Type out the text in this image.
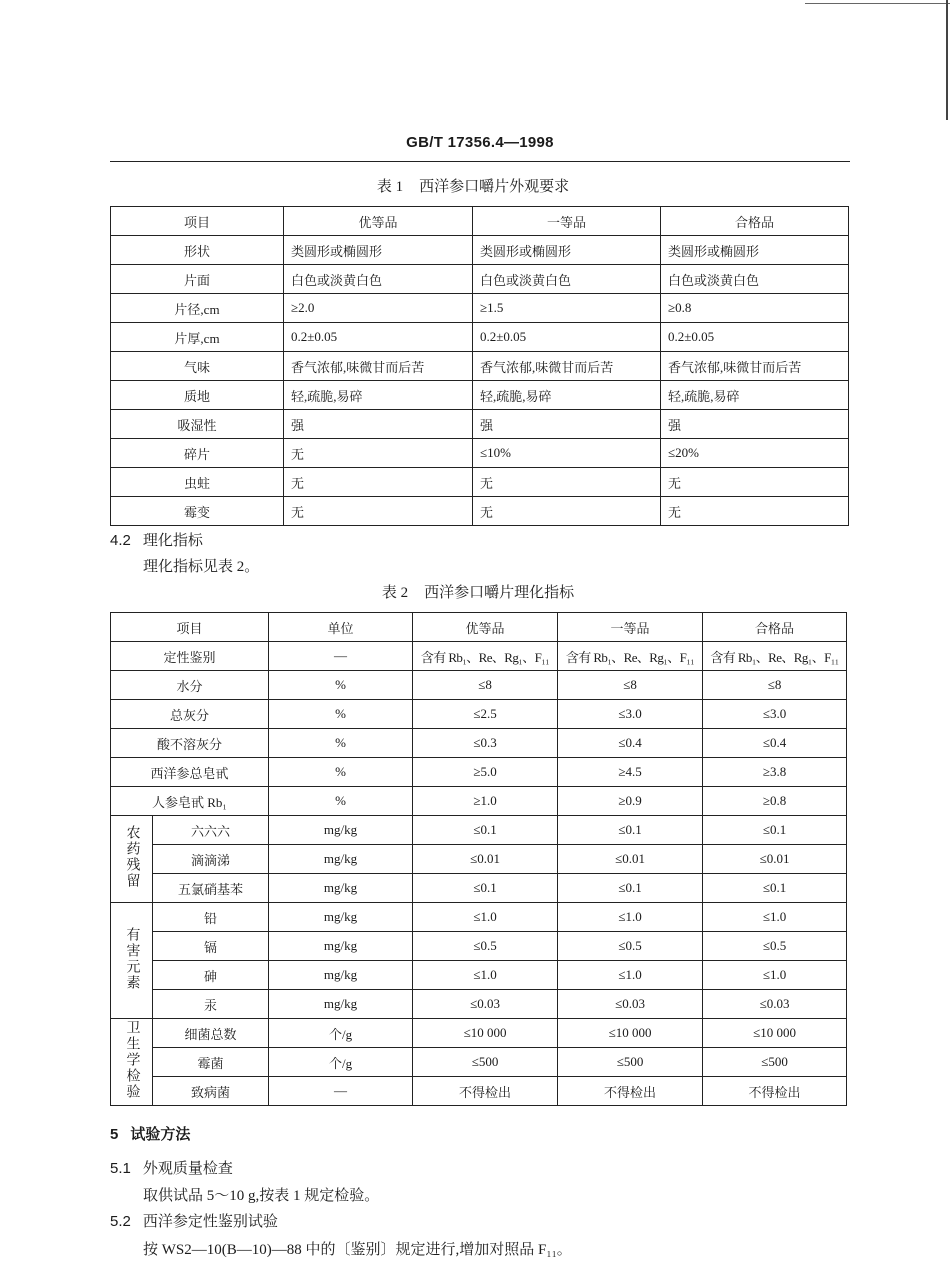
GB/T 17356.4—1998
表 1 西洋参口嚼片外观要求
项目	优等品	一等品	合格品
形状	类圆形或椭圆形	类圆形或椭圆形	类圆形或椭圆形
片面	白色或淡黄白色	白色或淡黄白色	白色或淡黄白色
片径,cm	≥2.0	≥1.5	≥0.8
片厚,cm	0.2±0.05	0.2±0.05	0.2±0.05
气味	香气浓郁,味微甘而后苦	香气浓郁,味微甘而后苦	香气浓郁,味微甘而后苦
质地	轻,疏脆,易碎	轻,疏脆,易碎	轻,疏脆,易碎
吸湿性	强	强	强
碎片	无	≤10%	≤20%
虫蛀	无	无	无
霉变	无	无	无
4.2 理化指标
理化指标见表 2。
表 2 西洋参口嚼片理化指标
项目		单位	优等品	一等品	合格品
定性鉴别		—	含有 Rb₁、Re、Rg₁、F₁₁	含有 Rb₁、Re、Rg₁、F₁₁	含有 Rb₁、Re、Rg₁、F₁₁
水分		%	≤8	≤8	≤8
总灰分		%	≤2.5	≤3.0	≤3.0
酸不溶灰分		%	≤0.3	≤0.4	≤0.4
西洋参总皂甙		%	≥5.0	≥4.5	≥3.8
人参皂甙 Rb₁		%	≥1.0	≥0.9	≥0.8
农药残留	六六六	mg/kg	≤0.1	≤0.1	≤0.1
	滴滴涕	mg/kg	≤0.01	≤0.01	≤0.01
	五氯硝基苯	mg/kg	≤0.1	≤0.1	≤0.1
有害元素	铅	mg/kg	≤1.0	≤1.0	≤1.0
	镉	mg/kg	≤0.5	≤0.5	≤0.5
	砷	mg/kg	≤1.0	≤1.0	≤1.0
	汞	mg/kg	≤0.03	≤0.03	≤0.03
卫生学检验	细菌总数	个/g	≤10 000	≤10 000	≤10 000
	霉菌	个/g	≤500	≤500	≤500
	致病菌	—	不得检出	不得检出	不得检出
5 试验方法
5.1 外观质量检查
取供试品 5～10 g,按表 1 规定检验。
5.2 西洋参定性鉴别试验
按 WS2—10(B—10)—88 中的〔鉴别〕规定进行,增加对照品 F₁₁。
